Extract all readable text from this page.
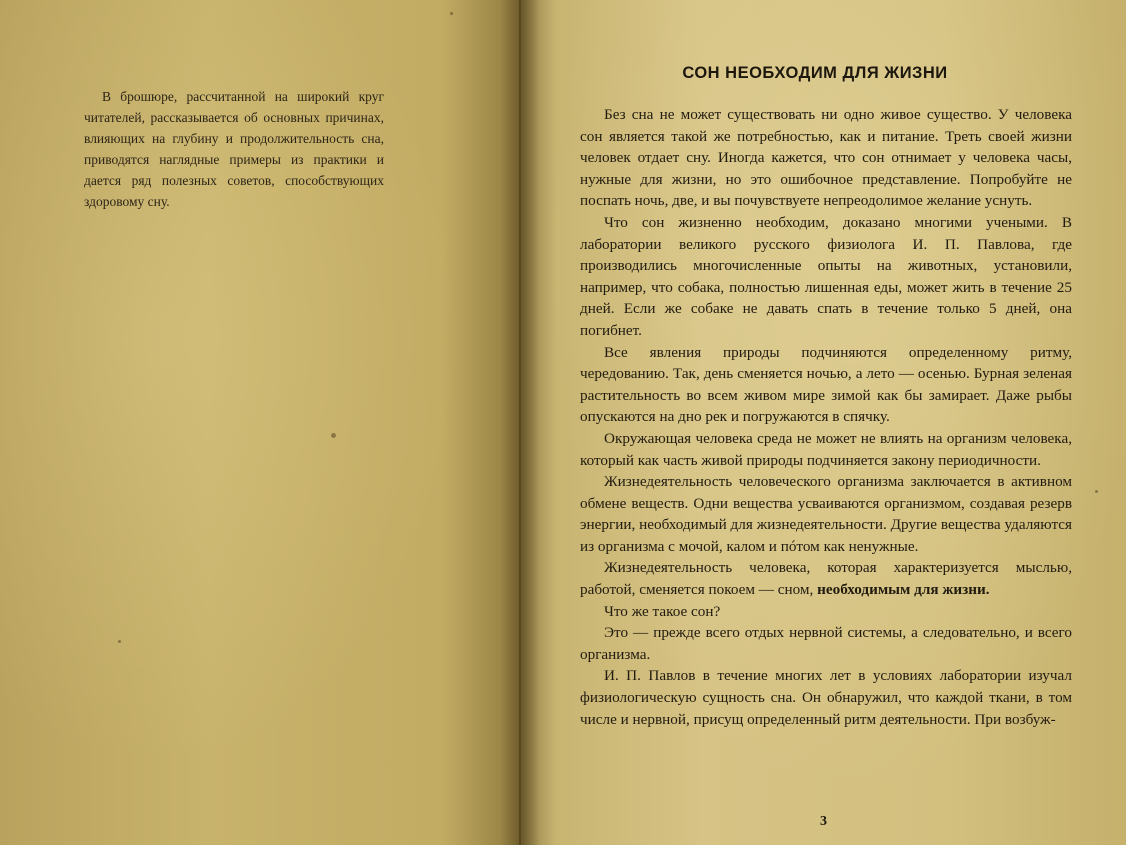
В брошюре, рассчитанной на широкий круг читателей, рассказывается об основных причинах, влияющих на глубину и продолжительность сна, приводятся наглядные примеры из практики и дается ряд полезных советов, способствующих здоровому сну.

СОН НЕОБХОДИМ ДЛЯ ЖИЗНИ

Без сна не может существовать ни одно живое существо. У человека сон является такой же потребностью, как и питание. Треть своей жизни человек отдает сну. Иногда кажется, что сон отнимает у человека часы, нужные для жизни, но это ошибочное представление. Попробуйте не поспать ночь, две, и вы почувствуете непреодолимое желание уснуть.

Что сон жизненно необходим, доказано многими учеными. В лаборатории великого русского физиолога И. П. Павлова, где производились многочисленные опыты на животных, установили, например, что собака, полностью лишенная еды, может жить в течение 25 дней. Если же собаке не давать спать в течение только 5 дней, она погибнет.

Все явления природы подчиняются определенному ритму, чередованию. Так, день сменяется ночью, а лето — осенью. Бурная зеленая растительность во всем живом мире зимой как бы замирает. Даже рыбы опускаются на дно рек и погружаются в спячку.

Окружающая человека среда не может не влиять на организм человека, который как часть живой природы подчиняется закону периодичности.

Жизнедеятельность человеческого организма заключается в активном обмене веществ. Одни вещества усваиваются организмом, создавая резерв энергии, необходимый для жизнедеятельности. Другие вещества удаляются из организма с мочой, калом и пóтом как ненужные.

Жизнедеятельность человека, которая характеризуется мыслью, работой, сменяется покоем — сном, необходимым для жизни.

Что же такое сон?

Это — прежде всего отдых нервной системы, а следовательно, и всего организма.

И. П. Павлов в течение многих лет в условиях лаборатории изучал физиологическую сущность сна. Он обнаружил, что каждой ткани, в том числе и нервной, присущ определенный ритм деятельности. При возбуж-

3
